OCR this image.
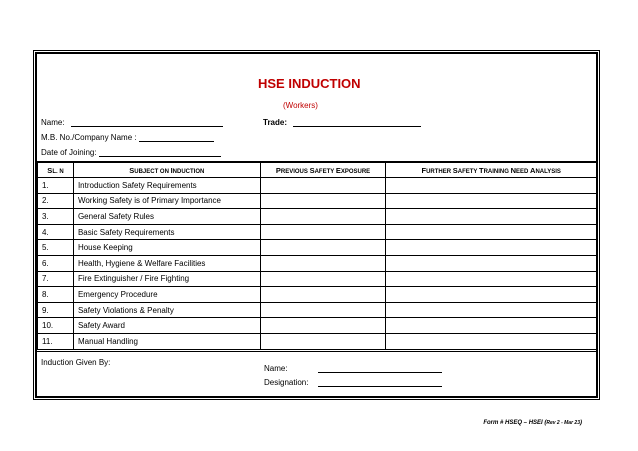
HSE INDUCTION
(Workers)
Name:	Trade:
M.B. No./Company Name :
Date of Joining:
SL. N	SUBJECT ON INDUCTION	PREVIOUS SAFETY EXPOSURE	FURTHER SAFETY TRAINING NEED ANALYSIS
1.	Introduction Safety Requirements		
2.	Working Safety is of Primary Importance		
3.	General Safety Rules		
4.	Basic Safety Requirements		
5.	House Keeping		
6.	Health, Hygiene & Welfare Facilities		
7.	Fire Extinguisher / Fire Fighting		
8.	Emergency Procedure		
9.	Safety Violations & Penalty		
10.	Safety Award		
11.	Manual Handling		
Induction Given By:
Name:
Designation:
Form # HSEQ – HSEI (Rev 2 - Mar 23)
